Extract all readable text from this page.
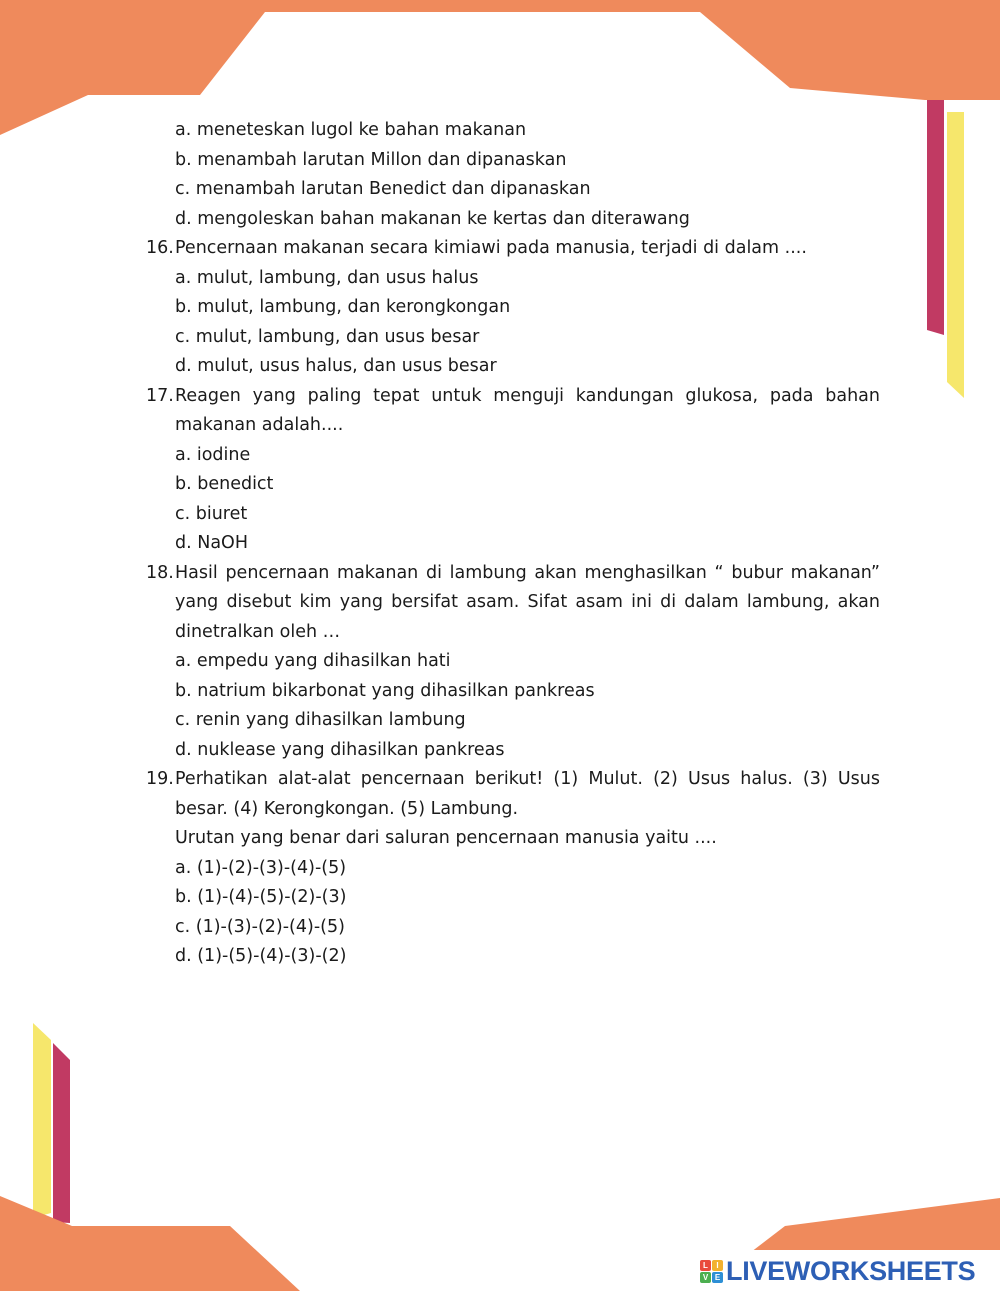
a. meneteskan lugol ke bahan makanan
b. menambah larutan Millon dan dipanaskan
c. menambah larutan Benedict dan dipanaskan
d. mengoleskan bahan makanan ke kertas dan diterawang
16. Pencernaan makanan secara kimiawi pada manusia, terjadi di dalam ....
a. mulut, lambung, dan usus halus
b. mulut, lambung, dan kerongkongan
c. mulut, lambung, dan usus besar
d. mulut, usus halus, dan usus besar
17. Reagen yang paling tepat untuk menguji kandungan glukosa, pada bahan makanan adalah....
a. iodine
b. benedict
c. biuret
d. NaOH
18. Hasil pencernaan makanan di lambung akan menghasilkan “ bubur makanan” yang disebut kim yang bersifat asam. Sifat asam ini di dalam lambung, akan dinetralkan oleh …
a. empedu yang dihasilkan hati
b. natrium bikarbonat yang dihasilkan pankreas
c. renin yang dihasilkan lambung
d. nuklease yang dihasilkan pankreas
19. Perhatikan alat-alat pencernaan berikut! (1) Mulut. (2) Usus halus. (3) Usus besar. (4) Kerongkongan. (5) Lambung.
Urutan yang benar dari saluran pencernaan manusia yaitu ....
a. (1)-(2)-(3)-(4)-(5)
b. (1)-(4)-(5)-(2)-(3)
c. (1)-(3)-(2)-(4)-(5)
d. (1)-(5)-(4)-(3)-(2)
L	I
V E LIVEWORKSHEETS
